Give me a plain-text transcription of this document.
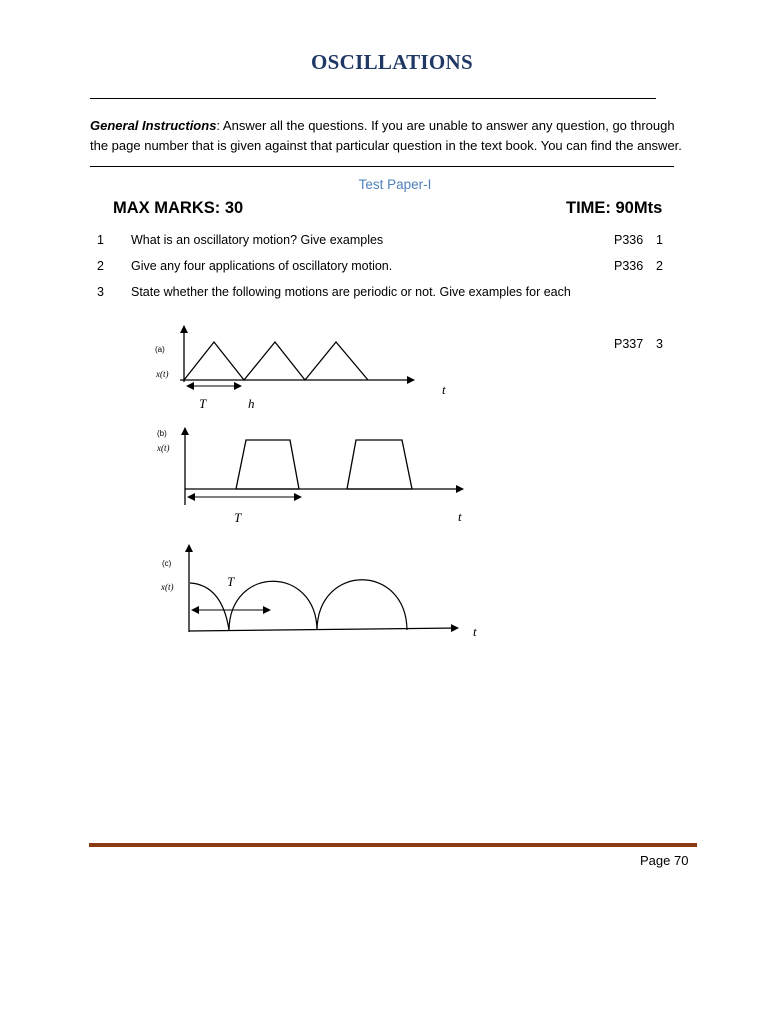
OSCILLATIONS
General Instructions: Answer all the questions. If you are unable to answer any question, go through the page number that is given against that particular question in the text book. You can find the answer.
Test Paper-I
MAX MARKS: 30	TIME: 90Mts
1 What is an oscillatory motion? Give examples	P336 1
2 Give any four applications of oscillatory motion.	P336 2
3 State whether the following motions are periodic or not. Give examples for each
P337 3
(a)
x(t)
t
T	h
(b)
x(t)
t
T
(c)
x(t)
t
T
Page 70
